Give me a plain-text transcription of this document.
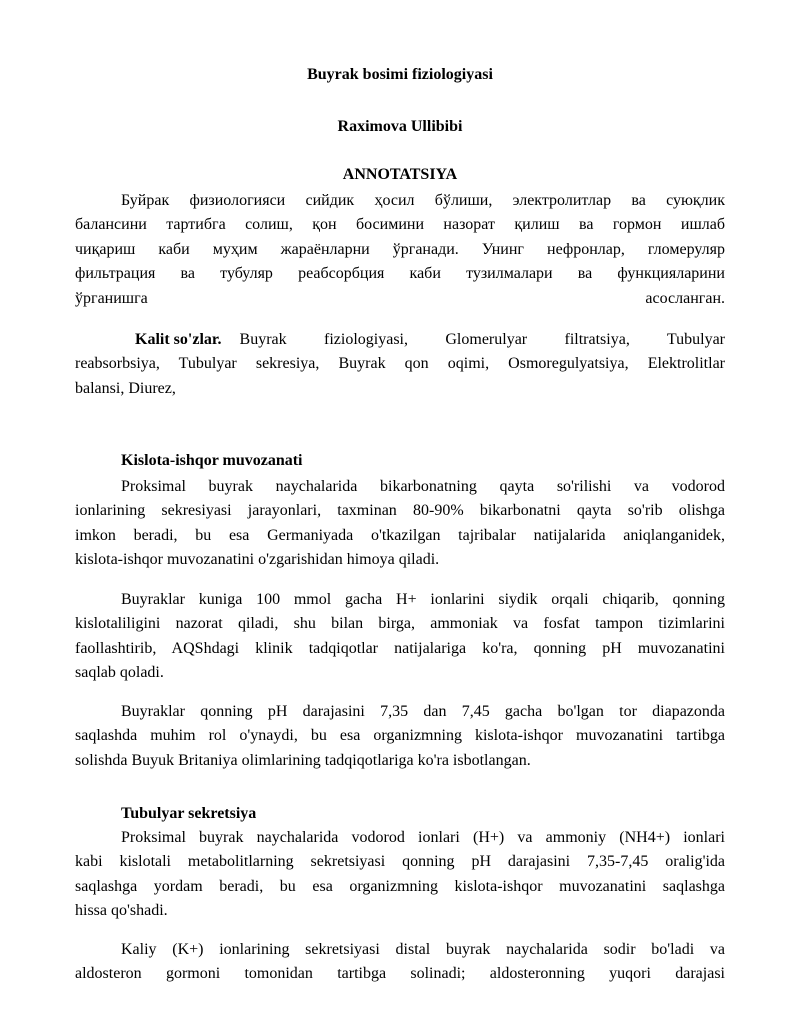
Buyrak bosimi fiziologiyasi
Raximova Ullibibi
ANNOTATSIYA
Буйрак физиологияси сийдик ҳосил бўлиши, электролитлар ва суюқлик
балансини тартибга солиш, қон босимини назорат қилиш ва гормон ишлаб
чиқариш каби муҳим жараёнларни ўрганади. Унинг нефронлар, гломеруляр
фильтрация ва тубуляр реабсорбция каби тузилмалари ва функцияларини
ўрганишга	асосланган.
Kalit so'zlar.	Buyrak fiziologiyasi, Glomerulyar filtratsiya, Tubulyar
reabsorbsiya, Tubulyar sekresiya, Buyrak qon oqimi, Osmoregulyatsiya, Elektrolitlar
balansi, Diurez,
Kislota-ishqor muvozanati
Proksimal buyrak naychalarida bikarbonatning qayta so'rilishi va vodorod
ionlarining sekresiyasi jarayonlari, taxminan 80-90% bikarbonatni qayta so'rib olishga
imkon beradi, bu esa Germaniyada o'tkazilgan tajribalar natijalarida aniqlanganidek,
kislota-ishqor muvozanatini o'zgarishidan himoya qiladi.
Buyraklar kuniga 100 mmol gacha H+ ionlarini siydik orqali chiqarib, qonning
kislotaliligini nazorat qiladi, shu bilan birga, ammoniak va fosfat tampon tizimlarini
faollashtirib, AQShdagi klinik tadqiqotlar natijalariga ko'ra, qonning pH muvozanatini
saqlab qoladi.
Buyraklar qonning pH darajasini 7,35 dan 7,45 gacha bo'lgan tor diapazonda
saqlashda muhim rol o'ynaydi, bu esa organizmning kislota-ishqor muvozanatini tartibga
solishda Buyuk Britaniya olimlarining tadqiqotlariga ko'ra isbotlangan.
Tubulyar sekretsiya
Proksimal buyrak naychalarida vodorod ionlari (H+) va ammoniy (NH4+) ionlari
kabi kislotali metabolitlarning sekretsiyasi qonning pH darajasini 7,35-7,45 oralig'ida
saqlashga yordam beradi, bu esa organizmning kislota-ishqor muvozanatini saqlashga
hissa qo'shadi.
Kaliy (K+) ionlarining sekretsiyasi distal buyrak naychalarida sodir bo'ladi va
aldosteron gormoni tomonidan tartibga solinadi; aldosteronning yuqori darajasi
